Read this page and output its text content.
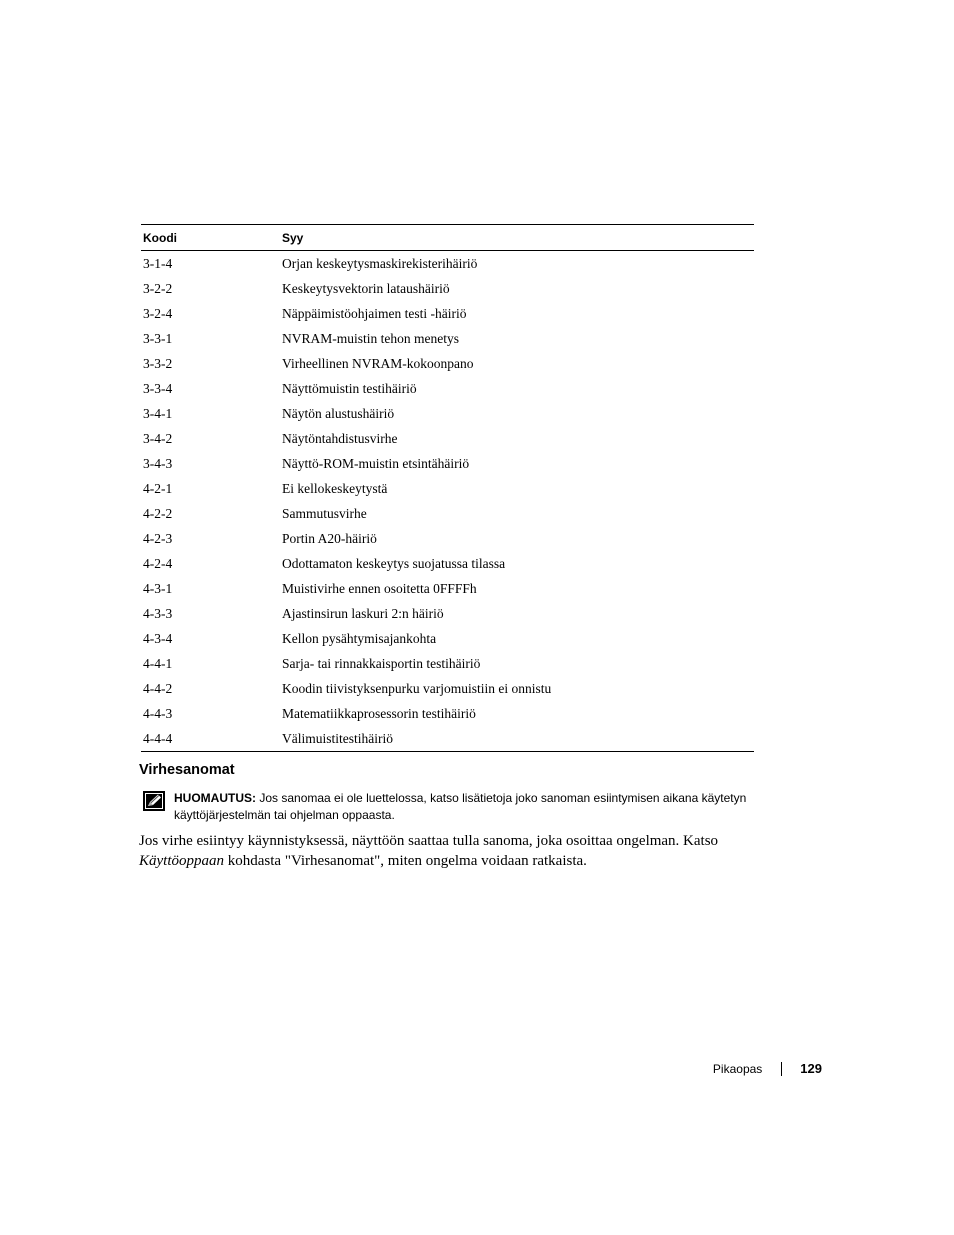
Koodi	Syy
3-1-4	Orjan keskeytysmaskirekisterihäiriö
3-2-2	Keskeytysvektorin lataushäiriö
3-2-4	Näppäimistöohjaimen testi -häiriö
3-3-1	NVRAM-muistin tehon menetys
3-3-2	Virheellinen NVRAM-kokoonpano
3-3-4	Näyttömuistin testihäiriö
3-4-1	Näytön alustushäiriö
3-4-2	Näytöntahdistusvirhe
3-4-3	Näyttö-ROM-muistin etsintähäiriö
4-2-1	Ei kellokeskeytystä
4-2-2	Sammutusvirhe
4-2-3	Portin A20-häiriö
4-2-4	Odottamaton keskeytys suojatussa tilassa
4-3-1	Muistivirhe ennen osoitetta 0FFFFh
4-3-3	Ajastinsirun laskuri 2:n häiriö
4-3-4	Kellon pysähtymisajankohta
4-4-1	Sarja- tai rinnakkaisportin testihäiriö
4-4-2	Koodin tiivistyksenpurku varjomuistiin ei onnistu
4-4-3	Matematiikkaprosessorin testihäiriö
4-4-4	Välimuistitestihäiriö
Virhesanomat
HUOMAUTUS: Jos sanomaa ei ole luettelossa, katso lisätietoja joko sanoman esiintymisen aikana käytetyn käyttöjärjestelmän tai ohjelman oppaasta.

Jos virhe esiintyy käynnistyksessä, näyttöön saattaa tulla sanoma, joka osoittaa ongelman. Katso Käyttöoppaan kohdasta "Virhesanomat", miten ongelma voidaan ratkaista.

Pikaopas	129
